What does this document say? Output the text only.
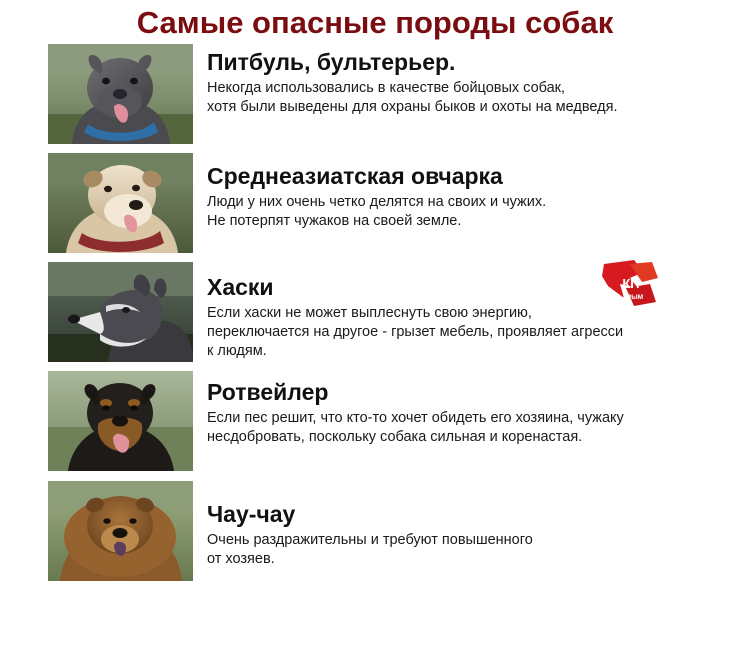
Самые опасные породы собак
Питбуль, бультерьер.
Некогда использовались в качестве бойцовых собак,
хотя были выведены для охраны быков и охоты на медведя.
Среднеазиатская овчарка
Люди у них очень четко делятся на своих и чужих.
Не потерпят чужаков на своей земле.
Хаски
Если хаски не может выплеснуть свою энергию,
переключается на другое - грызет мебель, проявляет агресси
к людям.
Ротвейлер
Если пес решит, что кто-то хочет обидеть его хозяина, чужаку
несдобровать, поскольку собака сильная и коренастая.
Чау-чау
Очень раздражительны и требуют повышенного
от хозяев.
КП
КРЫМ
